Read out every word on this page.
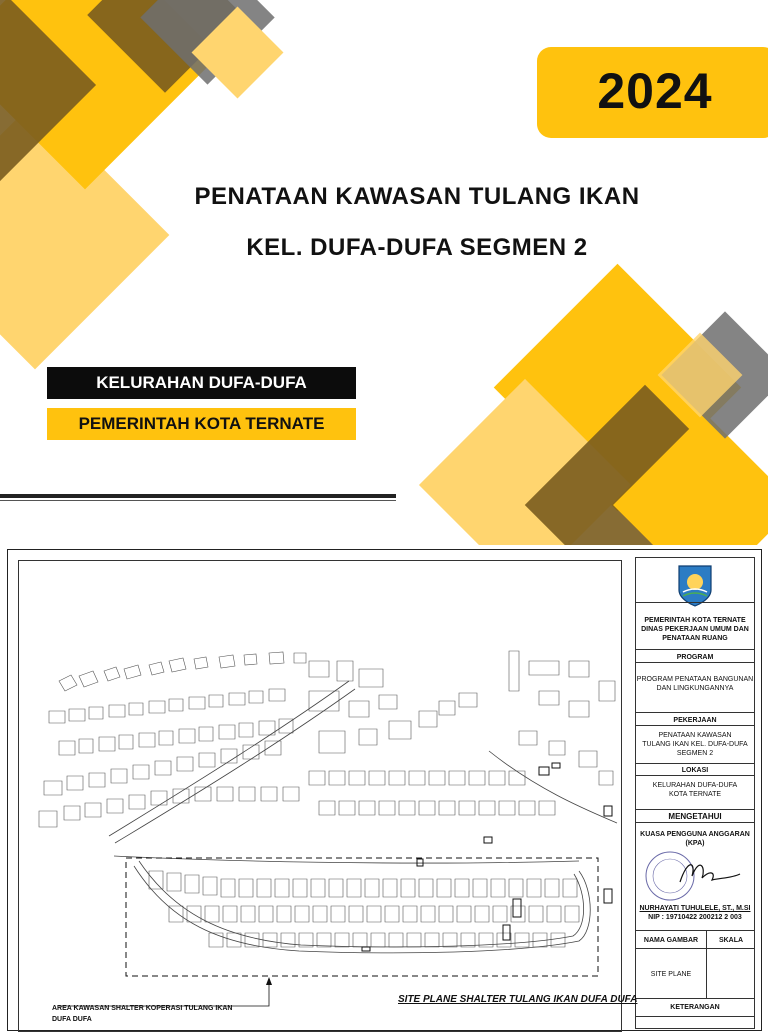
2024
PENATAAN KAWASAN TULANG IKAN
KEL. DUFA-DUFA SEGMEN 2
KELURAHAN DUFA-DUFA
PEMERINTAH KOTA TERNATE
PEMERINTAH KOTA TERNATE
DINAS PEKERJAAN UMUM DAN
PENATAAN RUANG
PROGRAM
PROGRAM PENATAAN BANGUNAN
DAN LINGKUNGANNYA
PEKERJAAN
PENATAAN KAWASAN
TULANG IKAN KEL. DUFA-DUFA
SEGMEN 2
LOKASI
KELURAHAN DUFA-DUFA
KOTA TERNATE
MENGETAHUI
KUASA PENGGUNA ANGGARAN
(KPA)
NURHAYATI TUHULELE, ST., M.SI
NIP : 19710422 200212 2 003
NAMA GAMBAR	SKALA
SITE PLANE
KETERANGAN
SITE PLANE SHALTER TULANG IKAN DUFA DUFA
AREA KAWASAN SHALTER KOPERASI TULANG IKAN
DUFA DUFA
